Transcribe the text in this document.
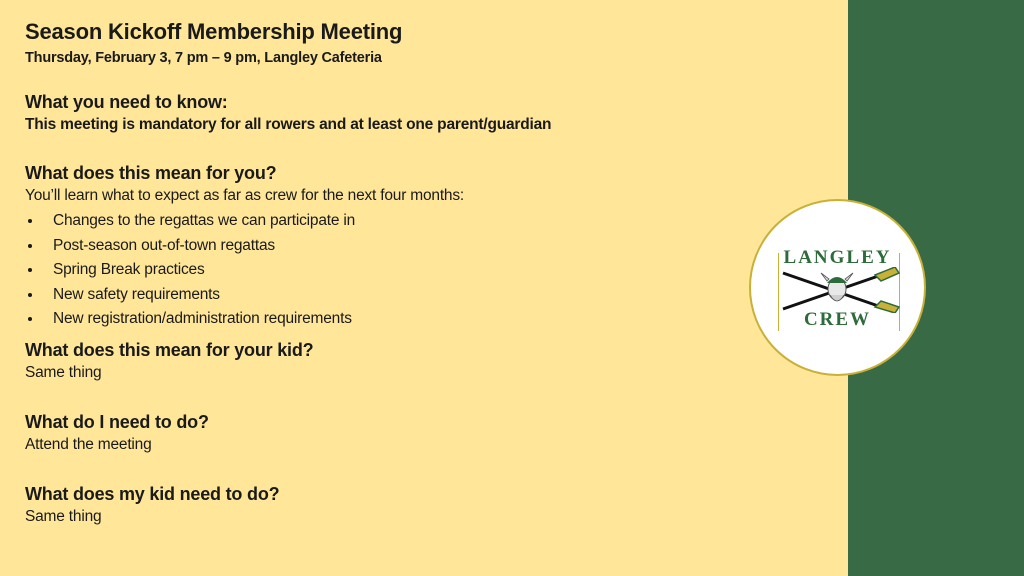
Season Kickoff Membership Meeting

Thursday, February 3, 7 pm – 9 pm, Langley Cafeteria

What you need to know:

This meeting is mandatory for all rowers and at least one parent/guardian

What does this mean for you?

You’ll learn what to expect as far as crew for the next four months:

Changes to the regattas we can participate in
Post-season out-of-town regattas
Spring Break practices
New safety requirements
New registration/administration requirements

What does this mean for your kid?

Same thing

What do I need to do?

Attend the meeting

What does my kid need to do?

Same thing

LANGLEY
CREW
